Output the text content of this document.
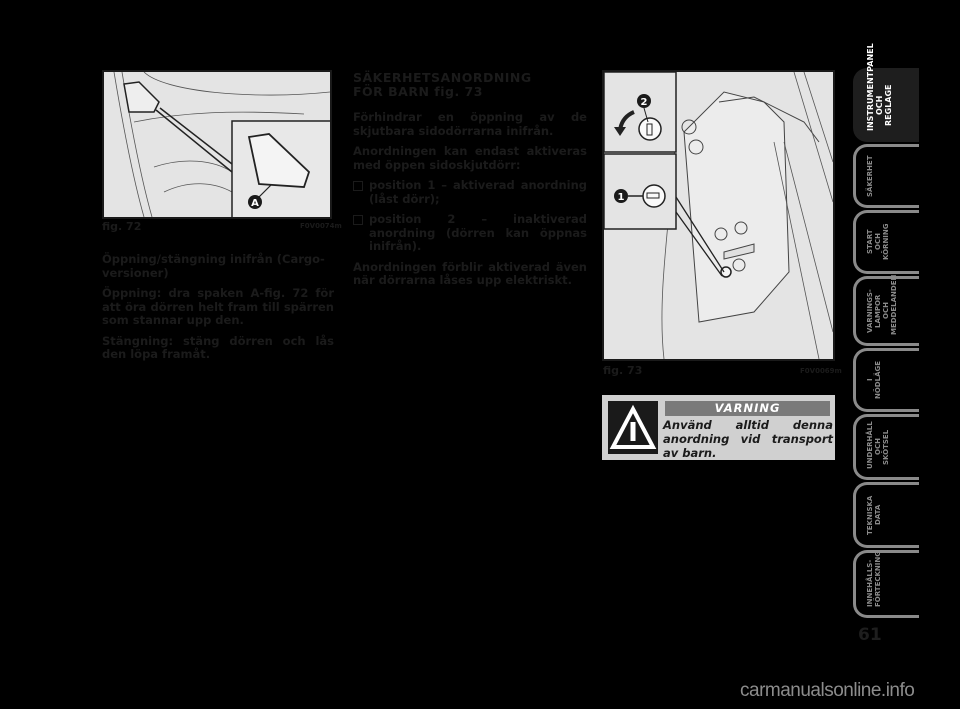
A
fig. 72	F0V0074m

Öppning/stängning inifrån (Cargo-versioner)

Öppning: dra spaken A-fig. 72 för att öra dörren helt fram till spärren som stannar upp den.

Stängning: stäng dörren och lås den löpa framåt.

SÄKERHETSANORDNING
FÖR BARN fig. 73

Förhindrar en öppning av de skjutbara sidodörrarna inifrån.

Anordningen kan endast aktiveras med öppen sidoskjutdörr:

position 1 – aktiverad anordning (låst dörr);
position 2 – inaktiverad anordning (dörren kan öppnas inifrån).

Anordningen förblir aktiverad även när dörrarna låses upp elektriskt.

2
1
fig. 73	F0V0069m
VARNING
Använd alltid denna anordning vid transport av barn.
INSTRUMENTPANEL OCH REGLAGE
SÄKERHET
START OCH KÖRNING
VARNINGS-LAMPOR OCH MEDDELANDEN
I NÖDLÄGE
UNDERHÅLL OCH SKÖTSEL
TEKNISKA DATA
INNEHÅLLS-FÖRTECKNING
61
carmanualsonline.info
